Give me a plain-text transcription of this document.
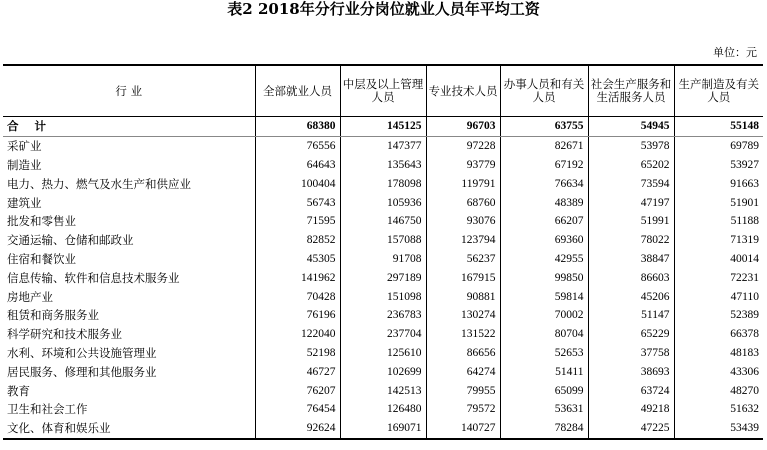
表2 2018年分行业分岗位就业人员年平均工资
单位：元
行 业	全部就业人员	中层及以上管理人员	专业技术人员	办事人员和有关人员	社会生产服务和生活服务人员	生产制造及有关人员
合 计	68380	145125	96703	63755	54945	55148
采矿业	76556	147377	97228	82671	53978	69789
制造业	64643	135643	93779	67192	65202	53927
电力、热力、燃气及水生产和供应业	100404	178098	119791	76634	73594	91663
建筑业	56743	105936	68760	48389	47197	51901
批发和零售业	71595	146750	93076	66207	51991	51188
交通运输、仓储和邮政业	82852	157088	123794	69360	78022	71319
住宿和餐饮业	45305	91708	56237	42955	38847	40014
信息传输、软件和信息技术服务业	141962	297189	167915	99850	86603	72231
房地产业	70428	151098	90881	59814	45206	47110
租赁和商务服务业	76196	236783	130274	70002	51147	52389
科学研究和技术服务业	122040	237704	131522	80704	65229	66378
水利、环境和公共设施管理业	52198	125610	86656	52653	37758	48183
居民服务、修理和其他服务业	46727	102699	64274	51411	38693	43306
教育	76207	142513	79955	65099	63724	48270
卫生和社会工作	76454	126480	79572	53631	49218	51632
文化、体育和娱乐业	92624	169071	140727	78284	47225	53439
